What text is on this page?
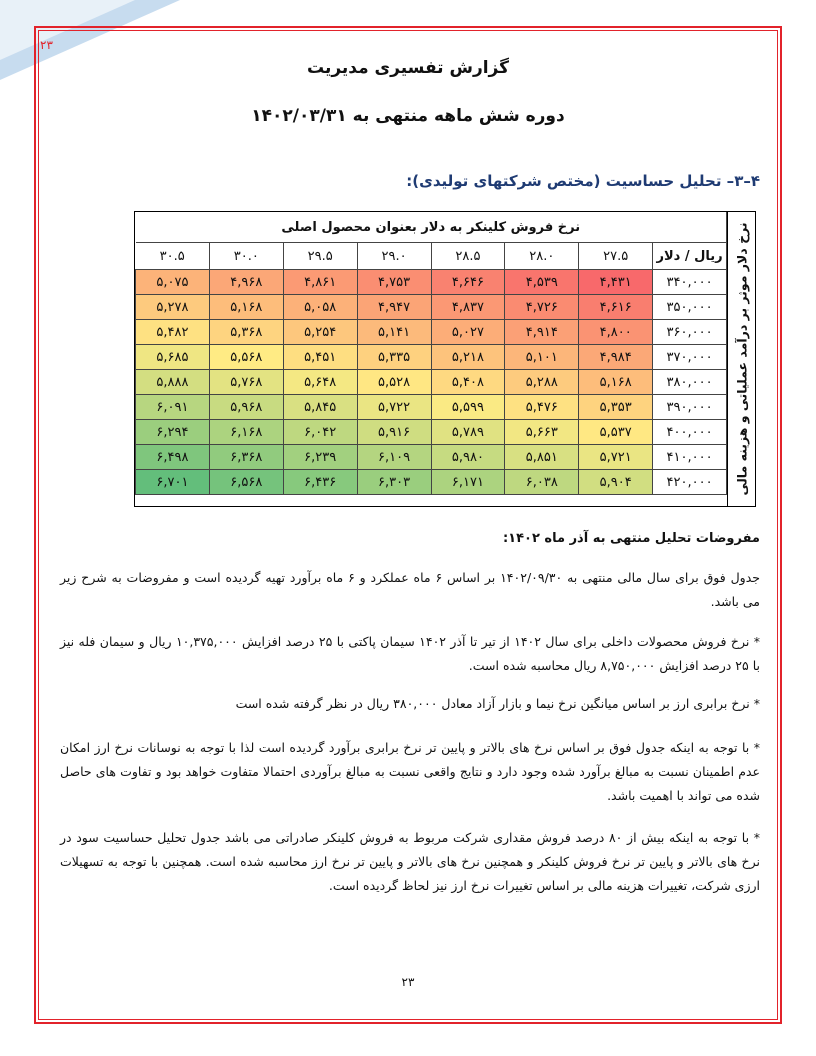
۲۳
گزارش تفسیری مدیریت
دوره شش ماهه منتهی به ۱۴۰۲/۰۳/۳۱
۴–۳– تحلیل حساسیت (مختص شرکتهای تولیدی):
نرخ دلار موثر بر درآمد عملیاتی و هزینه مالی
نرخ فروش کلینکر به دلار بعنوان محصول اصلی							
ریال / دلار	۲۷.۵	۲۸.۰	۲۸.۵	۲۹.۰	۲۹.۵	۳۰.۰	۳۰.۵
۳۴۰,۰۰۰	۴,۴۳۱	۴,۵۳۹	۴,۶۴۶	۴,۷۵۳	۴,۸۶۱	۴,۹۶۸	۵,۰۷۵
۳۵۰,۰۰۰	۴,۶۱۶	۴,۷۲۶	۴,۸۳۷	۴,۹۴۷	۵,۰۵۸	۵,۱۶۸	۵,۲۷۸
۳۶۰,۰۰۰	۴,۸۰۰	۴,۹۱۴	۵,۰۲۷	۵,۱۴۱	۵,۲۵۴	۵,۳۶۸	۵,۴۸۲
۳۷۰,۰۰۰	۴,۹۸۴	۵,۱۰۱	۵,۲۱۸	۵,۳۳۵	۵,۴۵۱	۵,۵۶۸	۵,۶۸۵
۳۸۰,۰۰۰	۵,۱۶۸	۵,۲۸۸	۵,۴۰۸	۵,۵۲۸	۵,۶۴۸	۵,۷۶۸	۵,۸۸۸
۳۹۰,۰۰۰	۵,۳۵۳	۵,۴۷۶	۵,۵۹۹	۵,۷۲۲	۵,۸۴۵	۵,۹۶۸	۶,۰۹۱
۴۰۰,۰۰۰	۵,۵۳۷	۵,۶۶۳	۵,۷۸۹	۵,۹۱۶	۶,۰۴۲	۶,۱۶۸	۶,۲۹۴
۴۱۰,۰۰۰	۵,۷۲۱	۵,۸۵۱	۵,۹۸۰	۶,۱۰۹	۶,۲۳۹	۶,۳۶۸	۶,۴۹۸
۴۲۰,۰۰۰	۵,۹۰۴	۶,۰۳۸	۶,۱۷۱	۶,۳۰۳	۶,۴۳۶	۶,۵۶۸	۶,۷۰۱
مفروضات تحلیل منتهی به آذر ماه ۱۴۰۲:
جدول فوق برای سال مالی منتهی به ۱۴۰۲/۰۹/۳۰ بر اساس ۶ ماه عملکرد و ۶ ماه برآورد تهیه گردیده است و مفروضات به شرح زیر می باشد.
* نرخ فروش محصولات داخلی برای سال ۱۴۰۲ از تیر تا آذر ۱۴۰۲ سیمان پاکتی با ۲۵ درصد افزایش ۱۰,۳۷۵,۰۰۰ ریال و سیمان فله نیز با ۲۵ درصد افزایش ۸,۷۵۰,۰۰۰ ریال محاسبه شده است.
* نرخ برابری ارز بر اساس میانگین نرخ نیما و بازار آزاد معادل ۳۸۰,۰۰۰ ریال در نظر گرفته شده است
* با توجه به اینکه جدول فوق بر اساس نرخ های بالاتر و پایین تر نرخ برابری برآورد گردیده است لذا با توجه به نوسانات نرخ ارز امکان عدم اطمینان نسبت به مبالغ برآورد شده وجود دارد و نتایج واقعی نسبت به مبالغ برآوردی احتمالا متفاوت خواهد بود و تفاوت های حاصل شده می تواند با اهمیت باشد.
* با توجه به اینکه بیش از ۸۰ درصد فروش مقداری شرکت مربوط به فروش کلینکر صادراتی می باشد جدول تحلیل حساسیت سود در نرخ های بالاتر و پایین تر نرخ فروش کلینکر و همچنین نرخ های بالاتر و پایین تر نرخ ارز محاسبه شده است. همچنین با توجه به تسهیلات ارزی شرکت، تغییرات هزینه مالی بر اساس تغییرات نرخ ارز نیز لحاظ گردیده است.
۲۳
